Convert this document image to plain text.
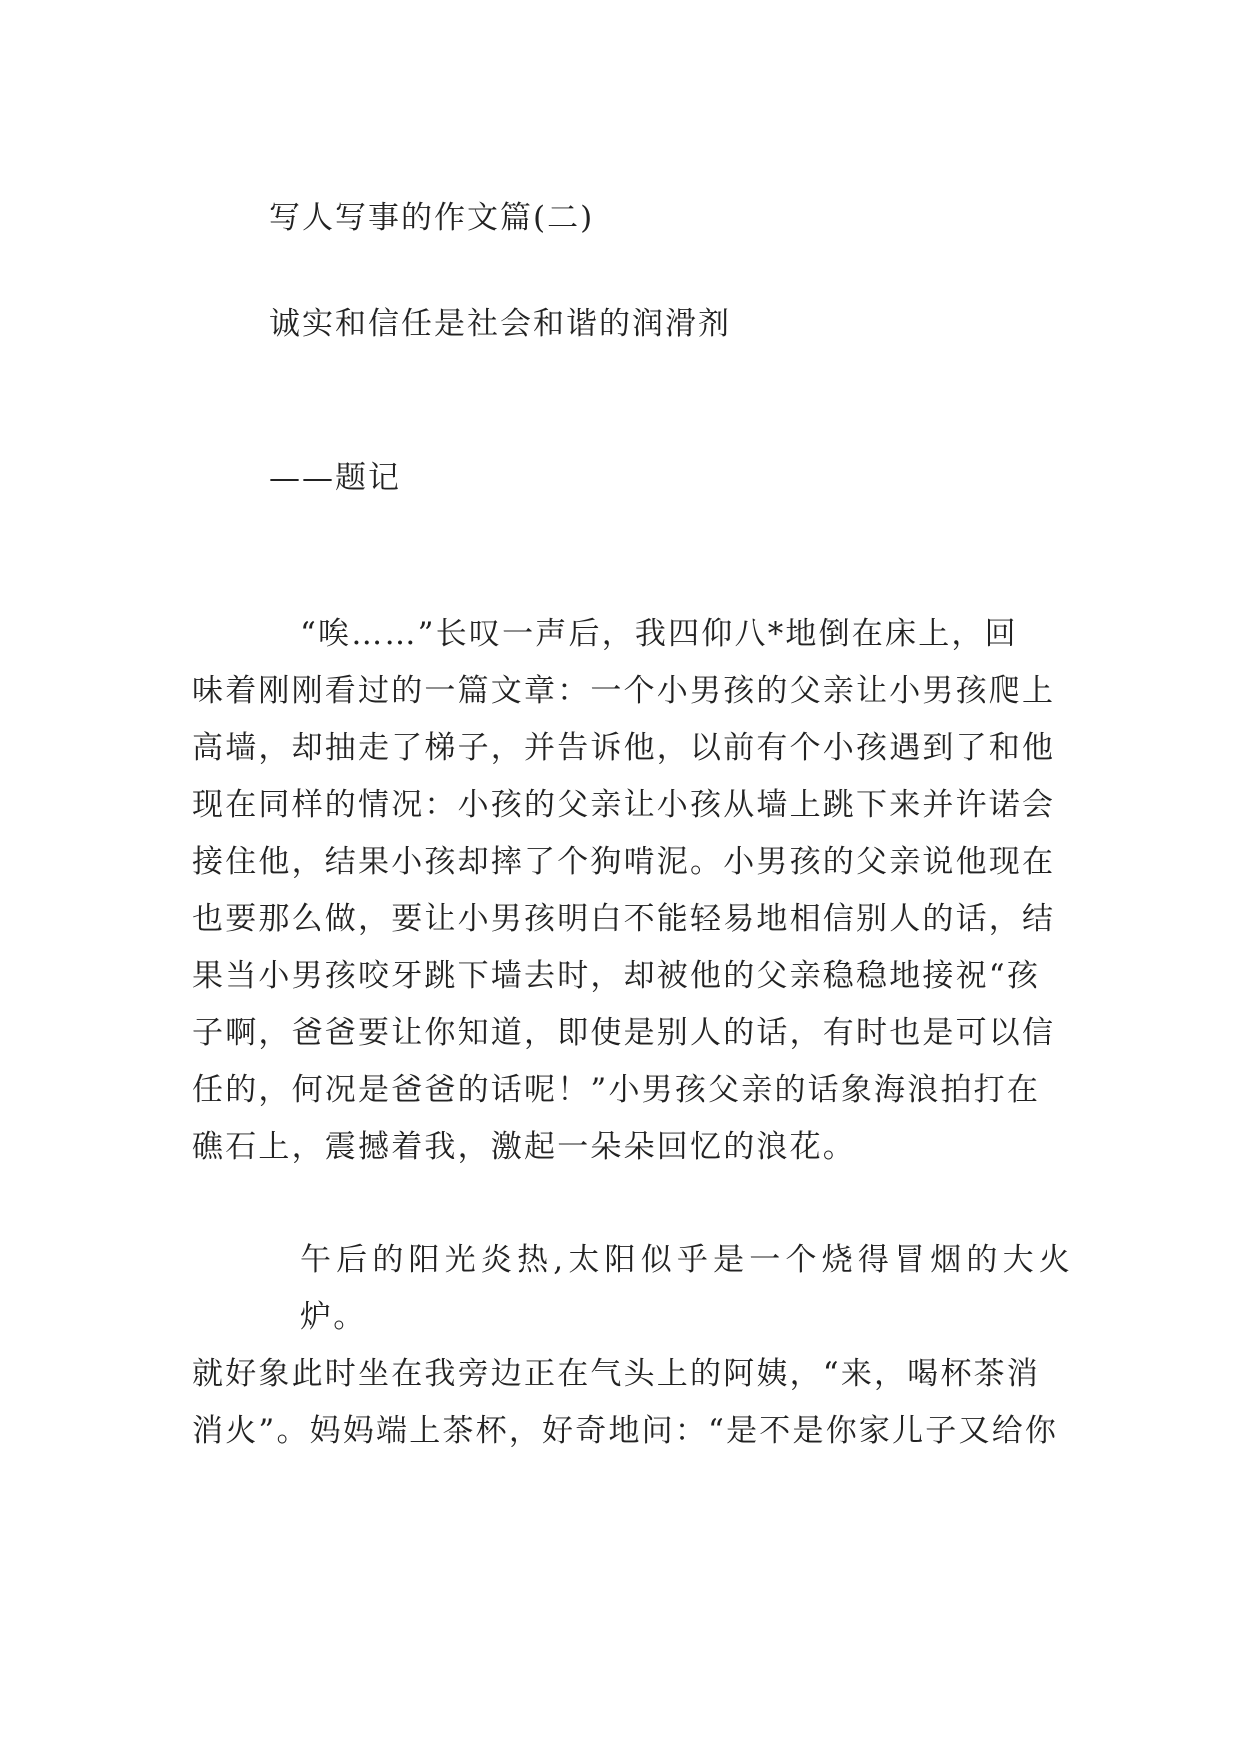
写人写事的作文篇(二)
诚实和信任是社会和谐的润滑剂
——题记
“唉……”长叹一声后，我四仰八*地倒在床上，回
味着刚刚看过的一篇文章：一个小男孩的父亲让小男孩爬上
高墙，却抽走了梯子，并告诉他，以前有个小孩遇到了和他
现在同样的情况：小孩的父亲让小孩从墙上跳下来并许诺会
接住他，结果小孩却摔了个狗啃泥。小男孩的父亲说他现在
也要那么做，要让小男孩明白不能轻易地相信别人的话，结
果当小男孩咬牙跳下墙去时，却被他的父亲稳稳地接祝“孩
子啊，爸爸要让你知道，即使是别人的话，有时也是可以信
任的，何况是爸爸的话呢！”小男孩父亲的话象海浪拍打在
礁石上，震撼着我，激起一朵朵回忆的浪花。
午后的阳光炎热,太阳似乎是一个烧得冒烟的大火炉。
就好象此时坐在我旁边正在气头上的阿姨，“来，喝杯茶消
消火”。妈妈端上茶杯，好奇地问：“是不是你家儿子又给你
